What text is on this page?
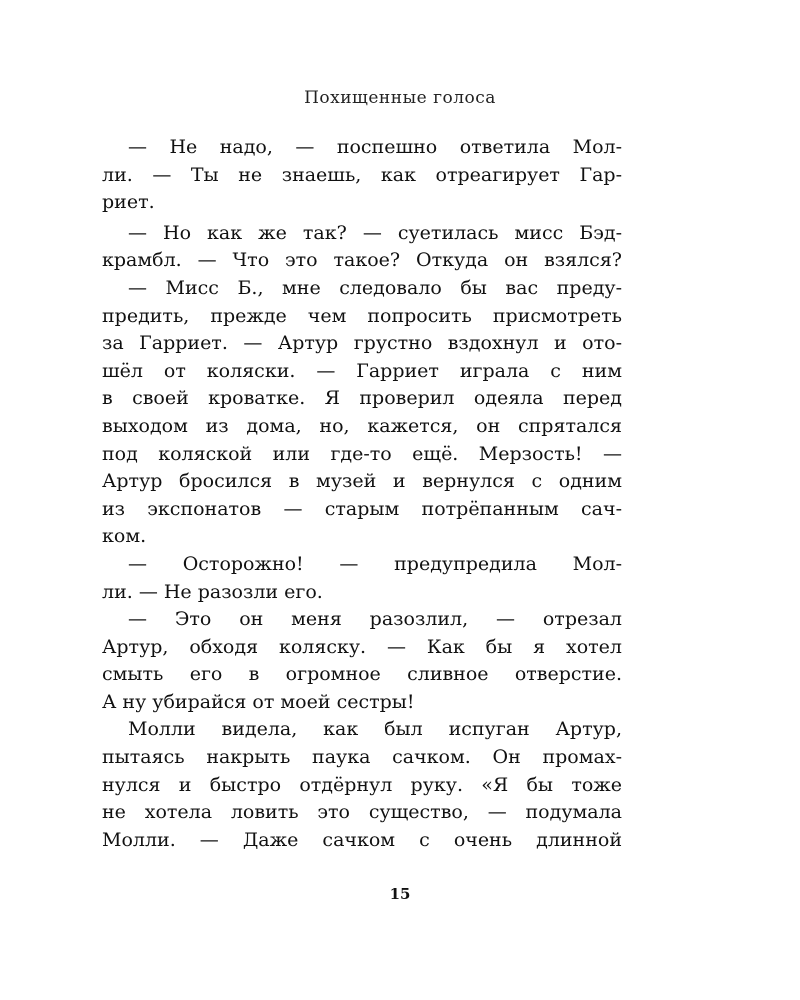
Похищенные голоса
— Не надо, — поспешно ответила Мол-
ли. — Ты не знаешь, как отреагирует Гар-
риет.
— Но как же так? — суетилась мисс Бэд-
крамбл. — Что это такое? Откуда он взялся?
— Мисс Б., мне следовало бы вас преду-
предить, прежде чем попросить присмотреть
за Гарриет. — Артур грустно вздохнул и ото-
шёл от коляски. — Гарриет играла с ним
в своей кроватке. Я проверил одеяла перед
выходом из дома, но, кажется, он спрятался
под коляской или где-то ещё. Мерзость! —
Артур бросился в музей и вернулся с одним
из экспонатов — старым потрёпанным сач-
ком.
— Осторожно! — предупредила Мол-
ли. — Не разозли его.
— Это он меня разозлил, — отрезал
Артур, обходя коляску. — Как бы я хотел
смыть его в огромное сливное отверстие.
А ну убирайся от моей сестры!
Молли видела, как был испуган Артур,
пытаясь накрыть паука сачком. Он промах-
нулся и быстро отдёрнул руку. «Я бы тоже
не хотела ловить это существо, — подумала
Молли. — Даже сачком с очень длинной
15
